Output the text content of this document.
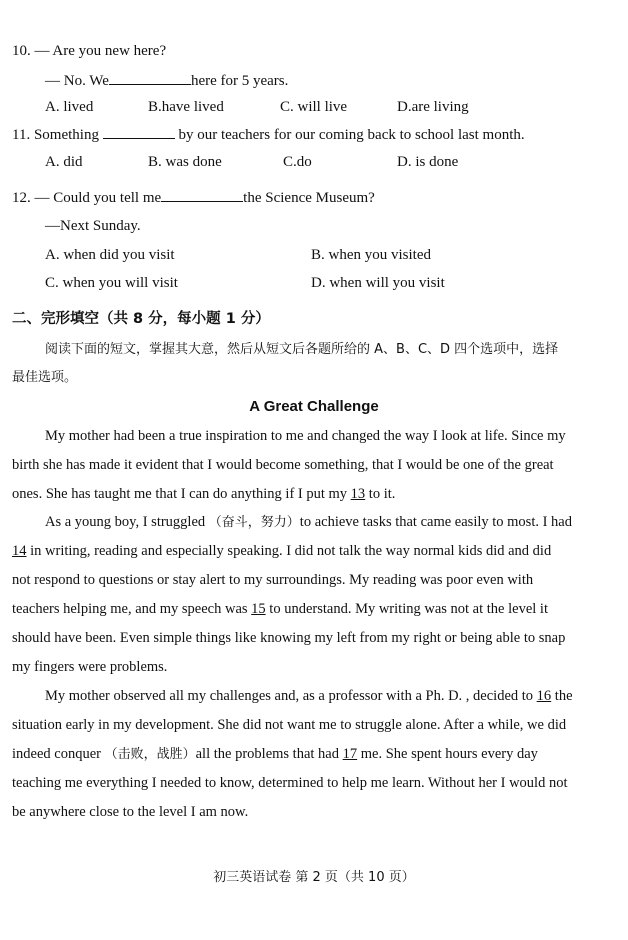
10. — Are you new here?
— No. We	here for 5 years.
A. lived	B.have lived	C. will live	D.are living
11. Something	by our teachers for our coming back to school last month.
A. did	B. was done	C.do	D. is done
12. — Could you tell me	the Science Museum?
—Next Sunday.
A. when did you visit	B. when you visited
C. when you will visit	D. when will you visit
二、完形填空（共 8 分，每小题 1 分）
阅读下面的短文，掌握其大意，然后从短文后各题所给的 A、B、C、D 四个选项中，选择
最佳选项。
A Great Challenge
My mother had been a true inspiration to me and changed the way I look at life. Since my
birth she has made it evident that I would become something, that I would be one of the great
ones. She has taught me that I can do anything if I put my 13 to it.
As a young boy, I struggled （奋斗，努力）to achieve tasks that came easily to most. I had
14 in writing, reading and especially speaking. I did not talk the way normal kids did and did
not respond to questions or stay alert to my surroundings. My reading was poor even with
teachers helping me, and my speech was 15 to understand. My writing was not at the level it
should have been. Even simple things like knowing my left from my right or being able to snap
my fingers were problems.
My mother observed all my challenges and, as a professor with a Ph. D. , decided to 16 the
situation early in my development. She did not want me to struggle alone. After a while, we did
indeed conquer （击败，战胜）all the problems that had 17 me. She spent hours every day
teaching me everything I needed to know, determined to help me learn. Without her I would not
be anywhere close to the level I am now.
初三英语试卷 第 2 页（共 10 页）
